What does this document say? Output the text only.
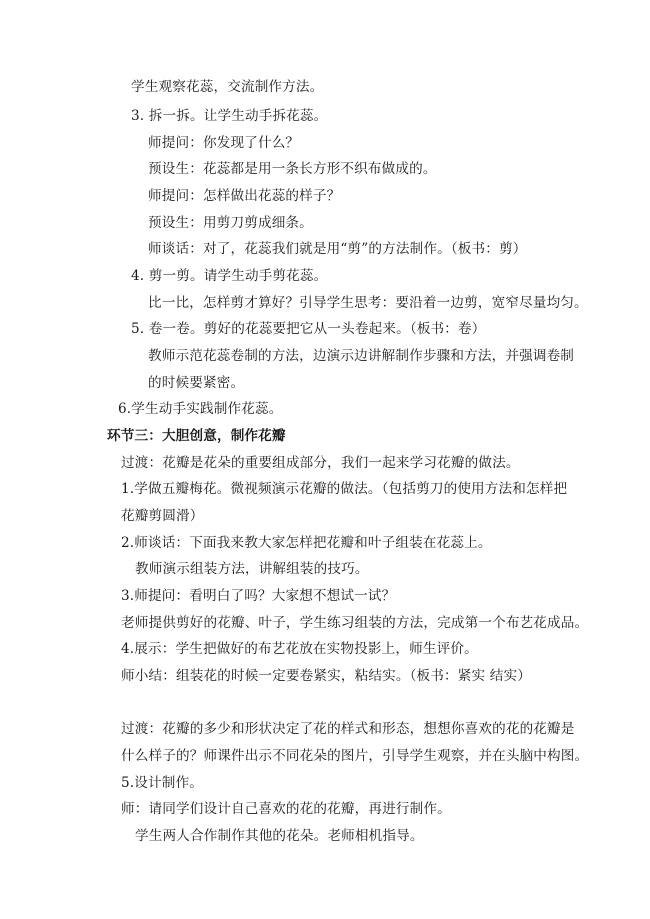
学生观察花蕊，交流制作方法。

3. 拆一拆。让学生动手拆花蕊。

师提问：你发现了什么？

预设生：花蕊都是用一条长方形不织布做成的。

师提问：怎样做出花蕊的样子？

预设生：用剪刀剪成细条。

师谈话：对了，花蕊我们就是用“剪”的方法制作。（板书：剪）

4. 剪一剪。请学生动手剪花蕊。

比一比，怎样剪才算好？引导学生思考：要沿着一边剪，宽窄尽量均匀。

5. 卷一卷。剪好的花蕊要把它从一头卷起来。（板书：卷）

教师示范花蕊卷制的方法，边演示边讲解制作步骤和方法，并强调卷制

的时候要紧密。

6.学生动手实践制作花蕊。

环节三：大胆创意，制作花瓣

过渡：花瓣是花朵的重要组成部分，我们一起来学习花瓣的做法。

1.学做五瓣梅花。微视频演示花瓣的做法。（包括剪刀的使用方法和怎样把

花瓣剪圆滑）

2.师谈话：下面我来教大家怎样把花瓣和叶子组装在花蕊上。

教师演示组装方法，讲解组装的技巧。

3.师提问：看明白了吗？大家想不想试一试？

老师提供剪好的花瓣、叶子，学生练习组装的方法，完成第一个布艺花成品。

4.展示：学生把做好的布艺花放在实物投影上，师生评价。

师小结：组装花的时候一定要卷紧实，粘结实。（板书：紧实 结实）

过渡：花瓣的多少和形状决定了花的样式和形态，想想你喜欢的花的花瓣是

什么样子的？师课件出示不同花朵的图片，引导学生观察，并在头脑中构图。

5.设计制作。

师：请同学们设计自己喜欢的花的花瓣，再进行制作。

学生两人合作制作其他的花朵。老师相机指导。
